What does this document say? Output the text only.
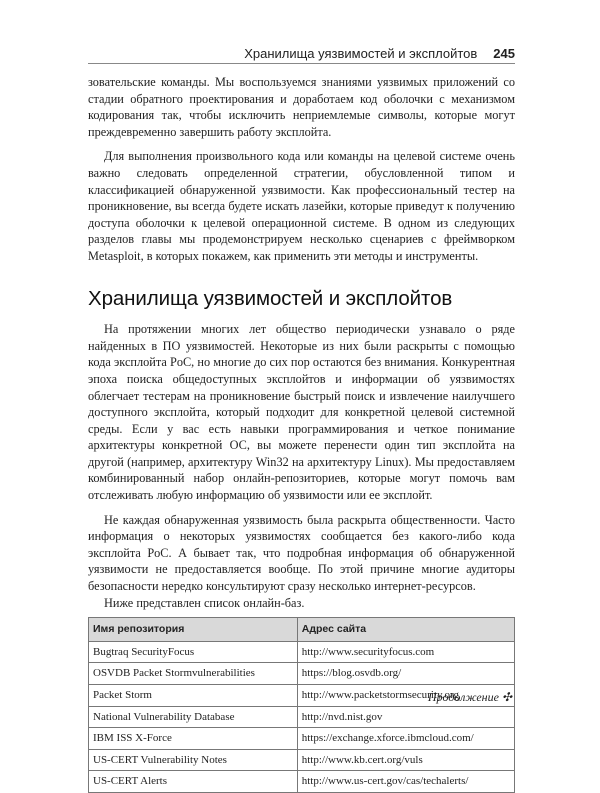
Хранилища уязвимостей и эксплойтов 245

зовательские команды. Мы воспользуемся знаниями уязвимых приложений со стадии обратного проектирования и доработаем код оболочки с механизмом кодирования так, чтобы исключить неприемлемые символы, которые могут преждевременно завершить работу эксплойта.

Для выполнения произвольного кода или команды на целевой системе очень важно следовать определенной стратегии, обусловленной типом и классификацией обнаруженной уязвимости. Как профессиональный тестер на проникновение, вы всегда будете искать лазейки, которые приведут к получению доступа оболочки к целевой операционной системе. В одном из следующих разделов главы мы продемонстрируем несколько сценариев с фреймворком Metasploit, в которых покажем, как применить эти методы и инструменты.

Хранилища уязвимостей и эксплойтов

На протяжении многих лет общество периодически узнавало о ряде найденных в ПО уязвимостей. Некоторые из них были раскрыты с помощью кода эксплойта PoC, но многие до сих пор остаются без внимания. Конкурентная эпоха поиска общедоступных эксплойтов и информации об уязвимостях облегчает тестерам на проникновение быстрый поиск и извлечение наилучшего доступного эксплойта, который подходит для конкретной целевой системной среды. Если у вас есть навыки программирования и четкое понимание архитектуры конкретной ОС, вы можете перенести один тип эксплойта на другой (например, архитектуру Win32 на архитектуру Linux). Мы предоставляем комбинированный набор онлайн-репозиториев, которые могут помочь вам отслеживать любую информацию об уязвимости или ее эксплойт.

Не каждая обнаруженная уязвимость была раскрыта общественности. Часто информация о некоторых уязвимостях сообщается без какого-либо кода эксплойта PoC. А бывает так, что подробная информация об обнаруженной уязвимости не предоставляется вообще. По этой причине многие аудиторы безопасности нередко консультируют сразу несколько интернет-ресурсов.

Ниже представлен список онлайн-баз.

Имя репозитория	Адрес сайта
Bugtraq SecurityFocus	http://www.securityfocus.com
OSVDB Packet Stormvulnerabilities	https://blog.osvdb.org/
Packet Storm	http://www.packetstormsecurity.org
National Vulnerability Database	http://nvd.nist.gov
IBM ISS X-Force	https://exchange.xforce.ibmcloud.com/
US-CERT Vulnerability Notes	http://www.kb.cert.org/vuls
US-CERT Alerts	http://www.us-cert.gov/cas/techalerts/
Продолжение ✣
